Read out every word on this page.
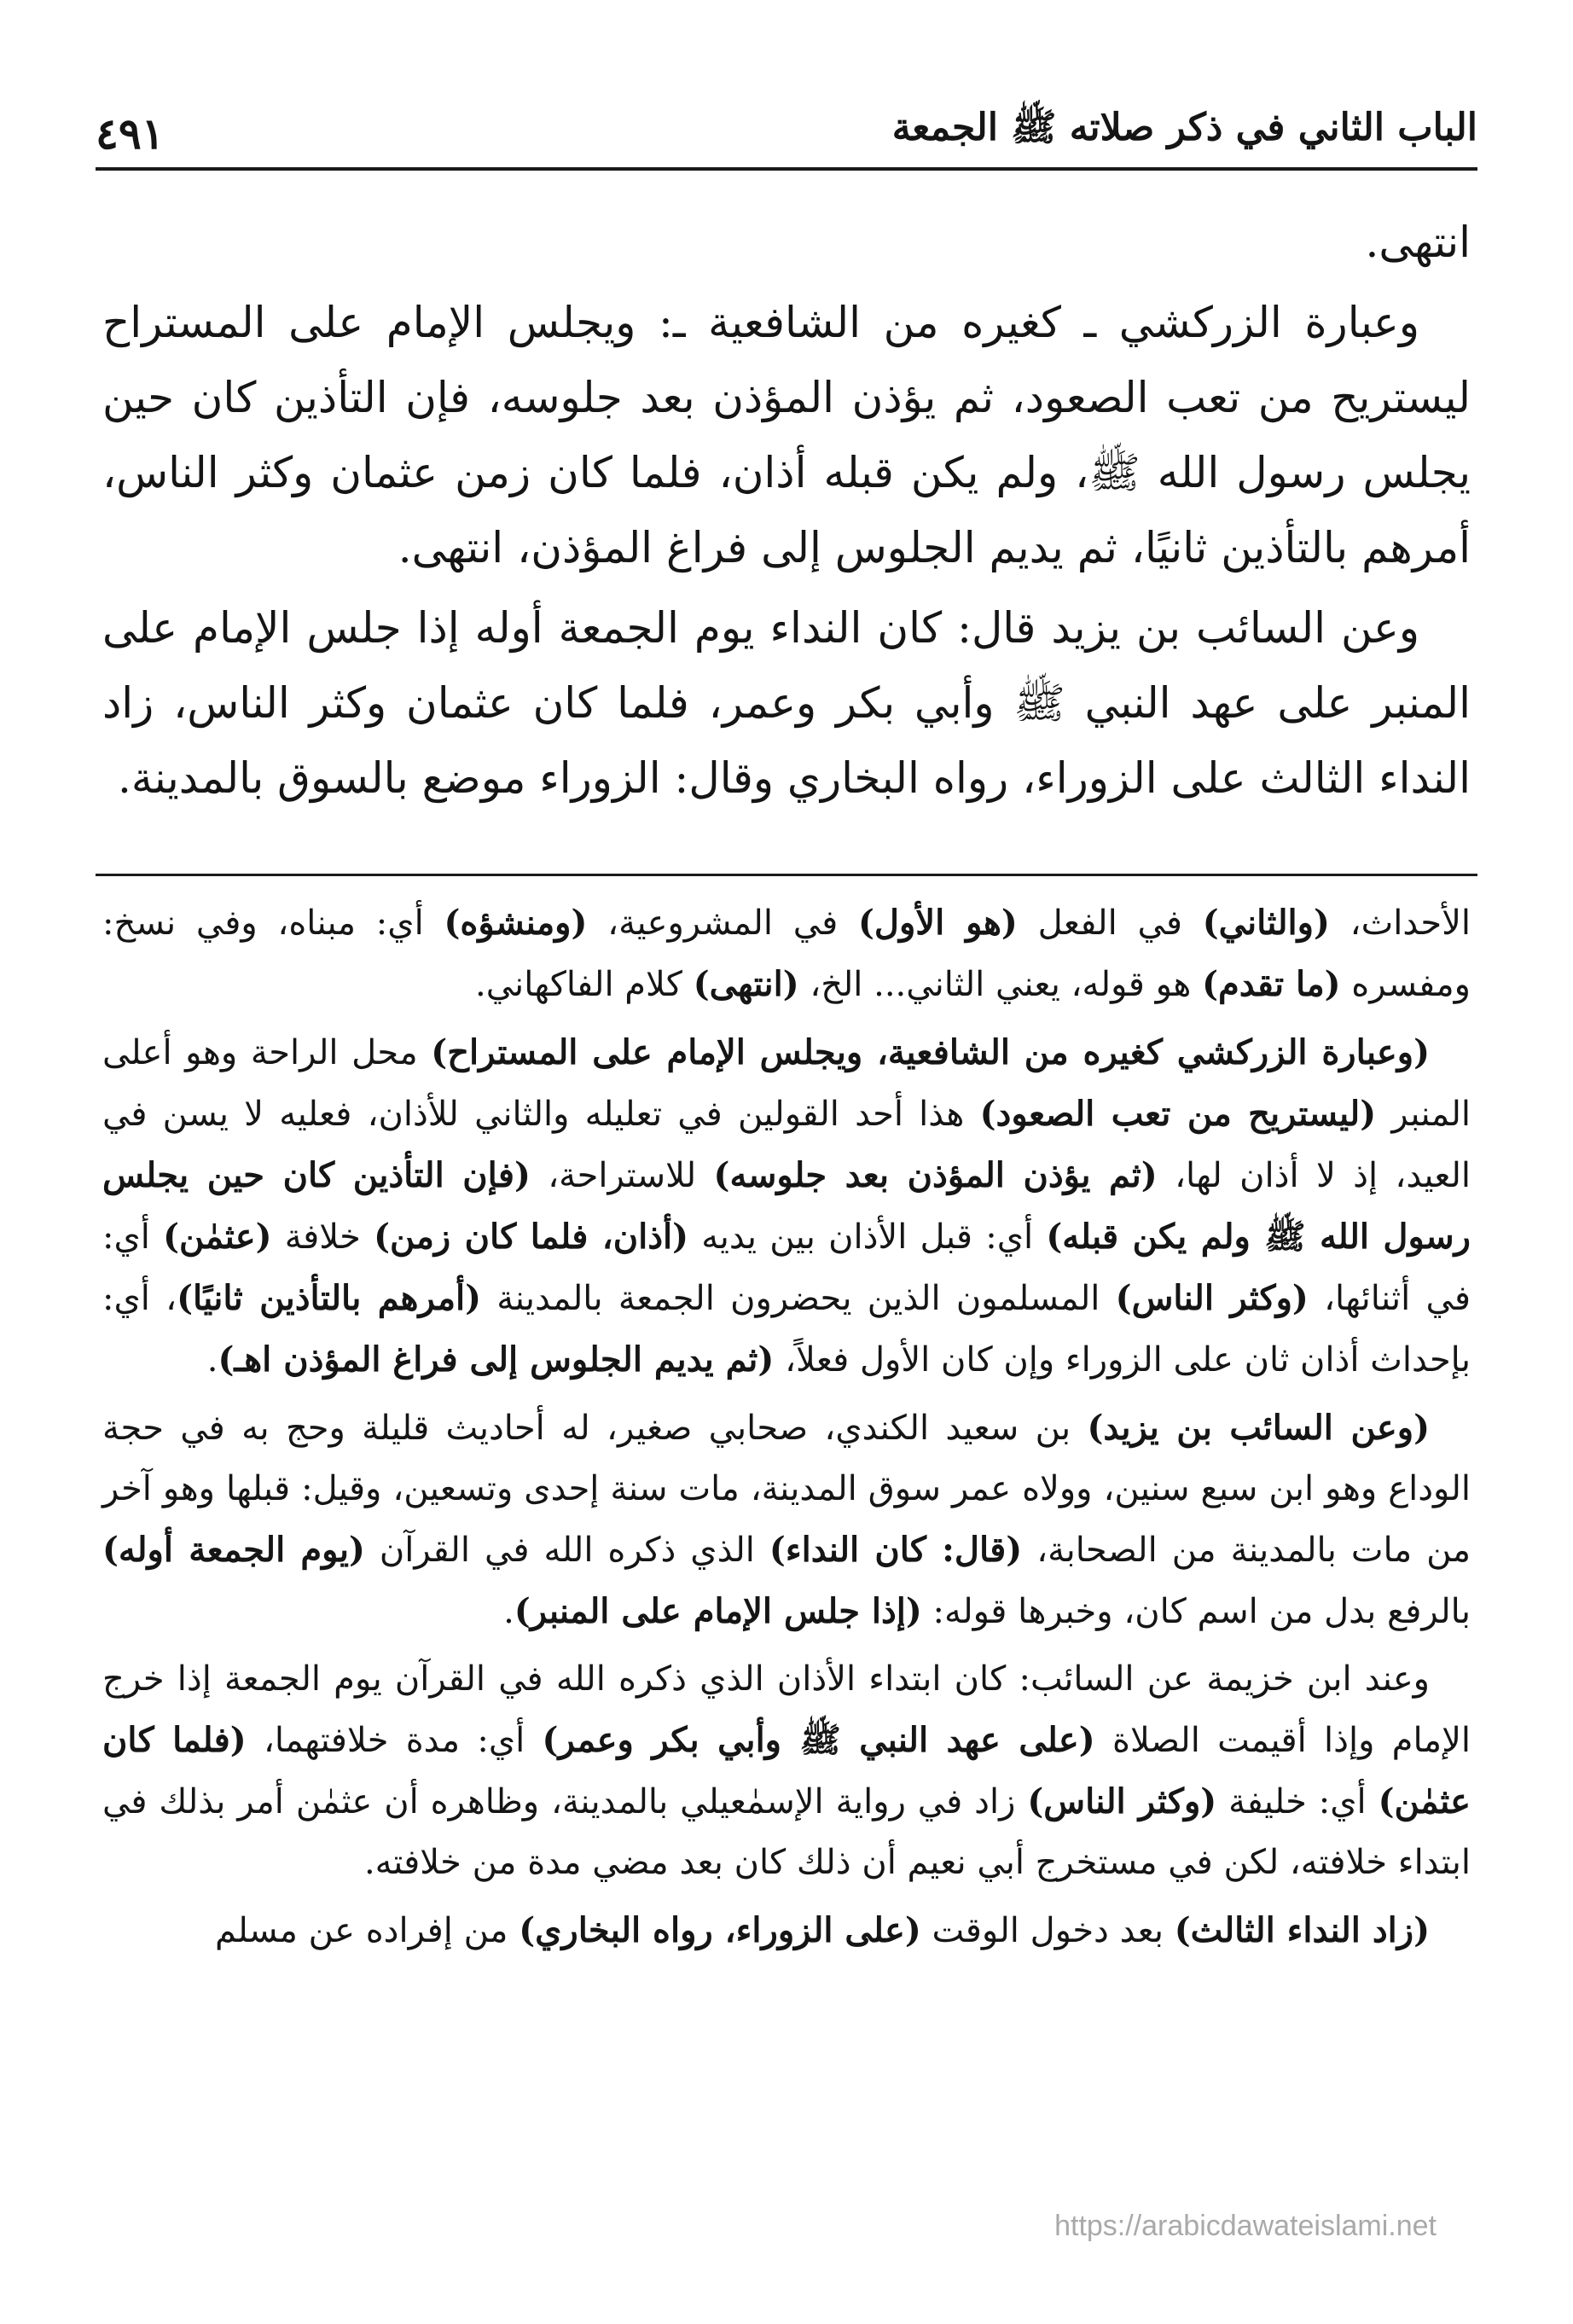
الباب الثاني في ذكر صلاته ﷺ الجمعة
٤٩١

انتهى.

وعبارة الزركشي ـ كغيره من الشافعية ـ: ويجلس الإمام على المستراح ليستريح من تعب الصعود، ثم يؤذن المؤذن بعد جلوسه، فإن التأذين كان حين يجلس رسول الله ﷺ، ولم يكن قبله أذان، فلما كان زمن عثمان وكثر الناس، أمرهم بالتأذين ثانيًا، ثم يديم الجلوس إلى فراغ المؤذن، انتهى.

وعن السائب بن يزيد قال: كان النداء يوم الجمعة أوله إذا جلس الإمام على المنبر على عهد النبي ﷺ وأبي بكر وعمر، فلما كان عثمان وكثر الناس، زاد النداء الثالث على الزوراء، رواه البخاري وقال: الزوراء موضع بالسوق بالمدينة.

الأحداث، (والثاني) في الفعل (هو الأول) في المشروعية، (ومنشؤه) أي: مبناه، وفي نسخ: ومفسره (ما تقدم) هو قوله، يعني الثاني... الخ، (انتهى) كلام الفاكهاني.

(وعبارة الزركشي كغيره من الشافعية، ويجلس الإمام على المستراح) محل الراحة وهو أعلى المنبر (ليستريح من تعب الصعود) هذا أحد القولين في تعليله والثاني للأذان، فعليه لا يسن في العيد، إذ لا أذان لها، (ثم يؤذن المؤذن بعد جلوسه) للاستراحة، (فإن التأذين كان حين يجلس رسول الله ﷺ ولم يكن قبله) أي: قبل الأذان بين يديه (أذان، فلما كان زمن) خلافة (عثمٰن) أي: في أثنائها، (وكثر الناس) المسلمون الذين يحضرون الجمعة بالمدينة (أمرهم بالتأذين ثانيًا)، أي: بإحداث أذان ثان على الزوراء وإن كان الأول فعلاً، (ثم يديم الجلوس إلى فراغ المؤذن اهـ).

(وعن السائب بن يزيد) بن سعيد الكندي، صحابي صغير، له أحاديث قليلة وحج به في حجة الوداع وهو ابن سبع سنين، وولاه عمر سوق المدينة، مات سنة إحدى وتسعين، وقيل: قبلها وهو آخر من مات بالمدينة من الصحابة، (قال: كان النداء) الذي ذكره الله في القرآن (يوم الجمعة أوله) بالرفع بدل من اسم كان، وخبرها قوله: (إذا جلس الإمام على المنبر).

وعند ابن خزيمة عن السائب: كان ابتداء الأذان الذي ذكره الله في القرآن يوم الجمعة إذا خرج الإمام وإذا أقيمت الصلاة (على عهد النبي ﷺ وأبي بكر وعمر) أي: مدة خلافتهما، (فلما كان عثمٰن) أي: خليفة (وكثر الناس) زاد في رواية الإسمٰعيلي بالمدينة، وظاهره أن عثمٰن أمر بذلك في ابتداء خلافته، لكن في مستخرج أبي نعيم أن ذلك كان بعد مضي مدة من خلافته.

(زاد النداء الثالث) بعد دخول الوقت (على الزوراء، رواه البخاري) من إفراده عن مسلم

https://arabicdawateislami.net
